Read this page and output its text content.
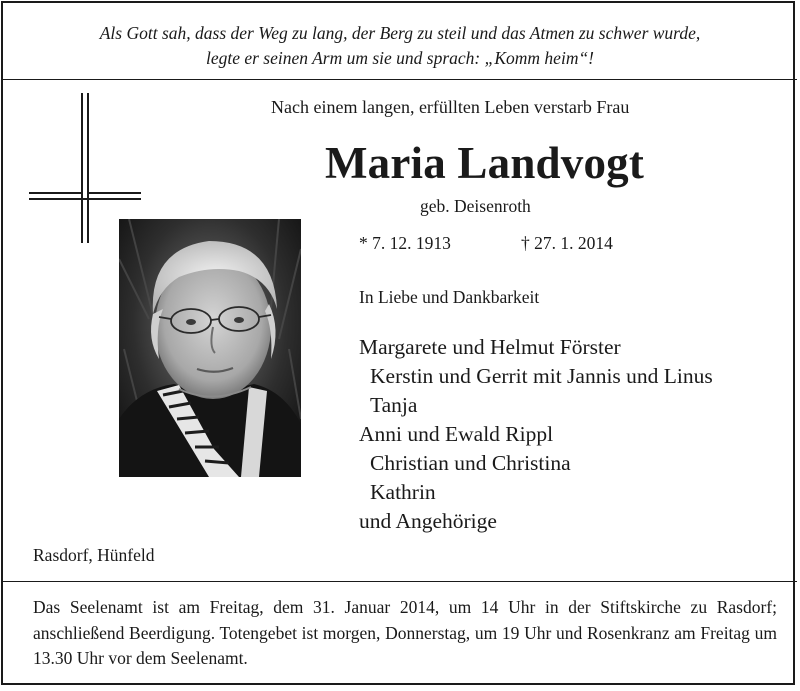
Als Gott sah, dass der Weg zu lang, der Berg zu steil und das Atmen zu schwer wurde,
legte er seinen Arm um sie und sprach: „Komm heim“!
Nach einem langen, erfüllten Leben verstarb Frau
Maria Landvogt
geb. Deisenroth
* 7. 12. 1913	† 27. 1. 2014
In Liebe und Dankbarkeit
Margarete und Helmut Förster
Kerstin und Gerrit mit Jannis und Linus
Tanja
Anni und Ewald Rippl
Christian und Christina
Kathrin
und Angehörige
Rasdorf, Hünfeld
Das Seelenamt ist am Freitag, dem 31. Januar 2014, um 14 Uhr in der Stiftskirche zu Rasdorf; anschließend Beerdigung. Totengebet ist morgen, Donnerstag, um 19 Uhr und Rosenkranz am Freitag um 13.30 Uhr vor dem Seelenamt.
